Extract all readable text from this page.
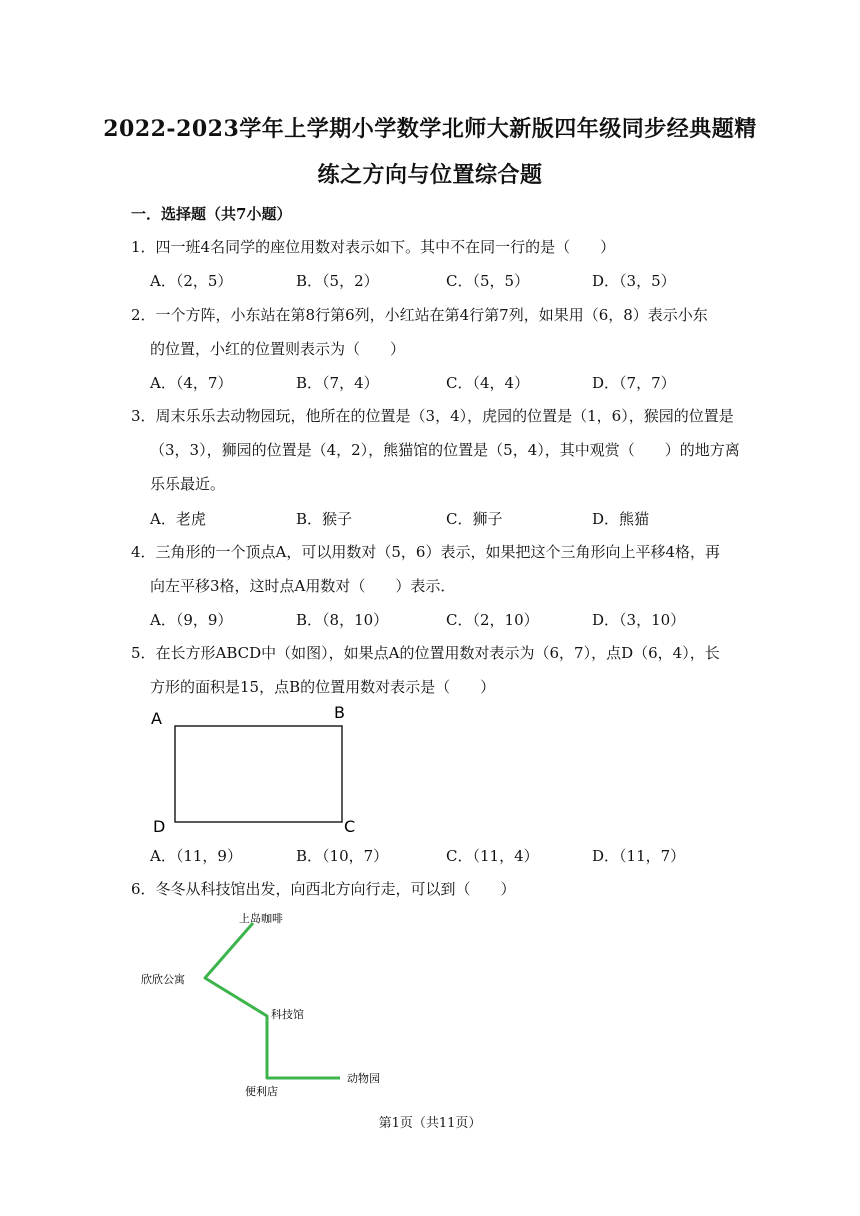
2022-2023学年上学期小学数学北师大新版四年级同步经典题精
练之方向与位置综合题
一．选择题（共7小题）
1．四一班4名同学的座位用数对表示如下。其中不在同一行的是（　　）
A．（2，5）	B．（5，2）	C．（5，5）	D．（3，5）
2．一个方阵，小东站在第8行第6列，小红站在第4行第7列，如果用（6，8）表示小东
的位置，小红的位置则表示为（　　）
A．（4，7）	B．（7，4）	C．（4，4）	D．（7，7）
3．周末乐乐去动物园玩，他所在的位置是（3，4），虎园的位置是（1，6），猴园的位置是
（3，3），狮园的位置是（4，2），熊猫馆的位置是（5，4），其中观赏（　　）的地方离
乐乐最近。
A．老虎	B．猴子	C．狮子	D．熊猫
4．三角形的一个顶点A，可以用数对（5，6）表示，如果把这个三角形向上平移4格，再
向左平移3格，这时点A用数对（　　）表示．
A．（9，9）	B．（8，10）	C．（2，10）	D．（3，10）
5．在长方形ABCD中（如图），如果点A的位置用数对表示为（6，7），点D（6，4），长
方形的面积是15，点B的位置用数对表示是（　　）
A	B
D	C
A．（11，9）	B．（10，7）	C．（11，4）	D．（11，7）
6．冬冬从科技馆出发，向西北方向行走，可以到（　　）
上岛咖啡
欣欣公寓
科技馆
便利店
动物园
第1页（共11页）
